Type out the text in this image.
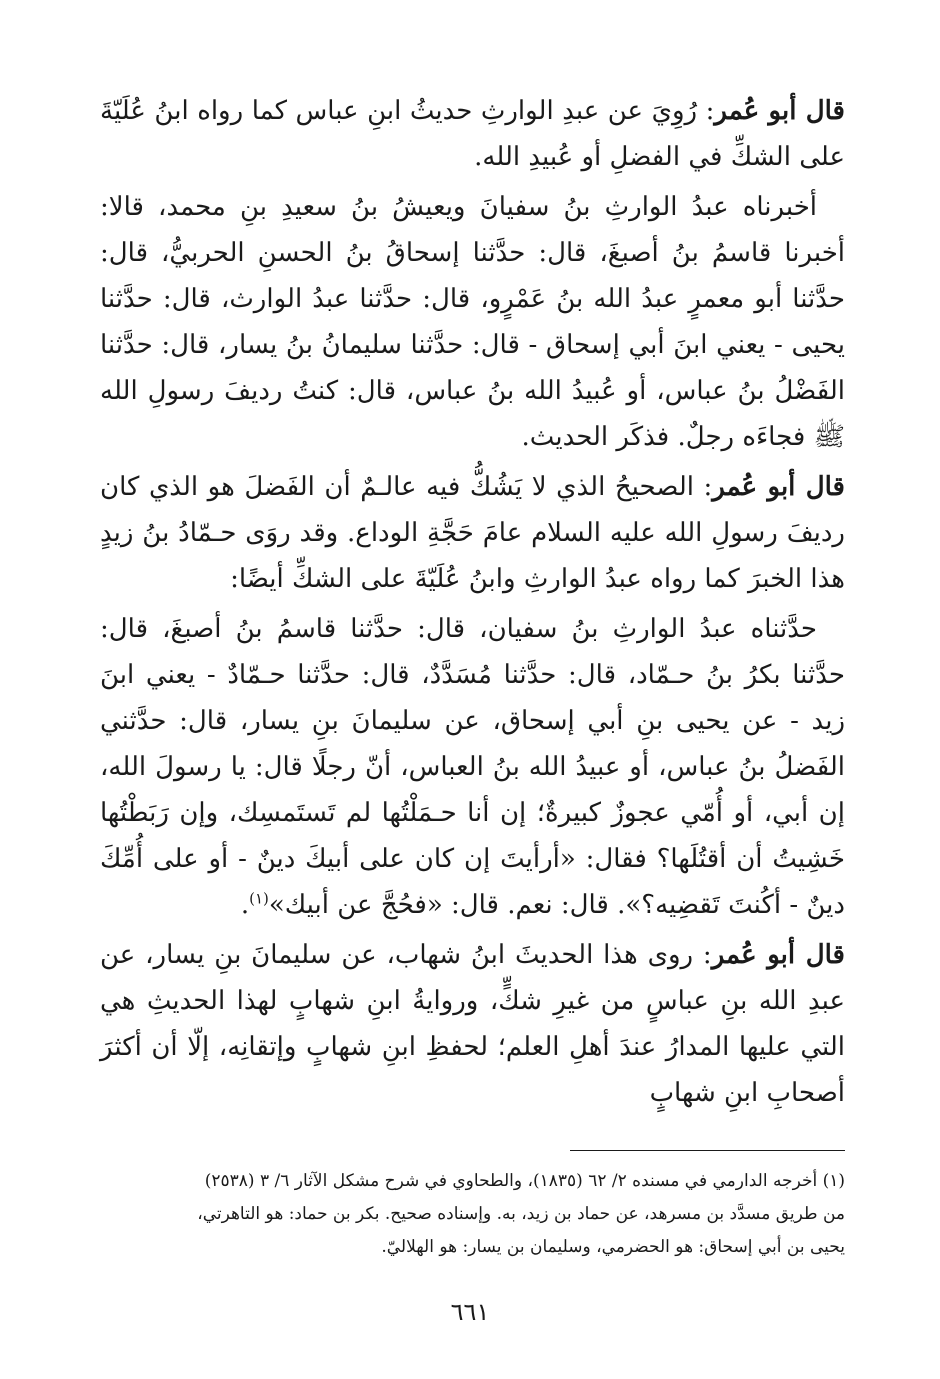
قال أبو عُمر: رُوِيَ عن عبدِ الوارثِ حديثُ ابنِ عباس كما رواه ابنُ عُلَيّةَ على الشكِّ في الفضلِ أو عُبيدِ الله.

أخبرناه عبدُ الوارثِ بنُ سفيانَ ويعيشُ بنُ سعيدِ بنِ محمد، قالا: أخبرنا قاسمُ بنُ أصبغَ، قال: حدَّثنا إسحاقُ بنُ الحسنِ الحربيُّ، قال: حدَّثنا أبو معمرٍ عبدُ الله بنُ عَمْرٍو، قال: حدَّثنا عبدُ الوارث، قال: حدَّثنا يحيى - يعني ابنَ أبي إسحاق - قال: حدَّثنا سليمانُ بنُ يسار، قال: حدَّثنا الفَضْلُ بنُ عباس، أو عُبيدُ الله بنُ عباس، قال: كنتُ رديفَ رسولِ الله ﷺ فجاءَه رجلٌ. فذكَر الحديث.

قال أبو عُمر: الصحيحُ الذي لا يَشُكُّ فيه عالـمٌ أن الفَضلَ هو الذي كان رديفَ رسولِ الله عليه السلام عامَ حَجَّةِ الوداع. وقد روَى حـمّادُ بنُ زيدٍ هذا الخبرَ كما رواه عبدُ الوارثِ وابنُ عُلَيّةَ على الشكِّ أيضًا:

حدَّثناه عبدُ الوارثِ بنُ سفيان، قال: حدَّثنا قاسمُ بنُ أصبغَ، قال: حدَّثنا بكرُ بنُ حـمّاد، قال: حدَّثنا مُسَدَّدٌ، قال: حدَّثنا حـمّادٌ - يعني ابنَ زيد - عن يحيى بنِ أبي إسحاق، عن سليمانَ بنِ يسار، قال: حدَّثني الفَضلُ بنُ عباس، أو عبيدُ الله بنُ العباس، أنّ رجلًا قال: يا رسولَ الله، إن أبي، أو أُمّي عجوزٌ كبيرةٌ؛ إن أنا حـمَلْتُها لم تَستَمسِك، وإن رَبَطْتُها خَشِيتُ أن أقتُلَها؟ فقال: «أرأيتَ إن كان على أبيكَ دينٌ - أو على أُمِّكَ دينٌ - أكُنتَ تَقضِيه؟». قال: نعم. قال: «فحُجَّ عن أبيك»$^{(١)}$.

قال أبو عُمر: روى هذا الحديثَ ابنُ شهاب، عن سليمانَ بنِ يسار، عن عبدِ الله بنِ عباسٍ من غيرِ شكٍّ، وروايةُ ابنِ شهابٍ لهذا الحديثِ هي التي عليها المدارُ عندَ أهلِ العلم؛ لحفظِ ابنِ شهابٍ وإتقانِه، إلّا أن أكثرَ أصحابِ ابنِ شهابٍ

(١) أخرجه الدارمي في مسنده ٢/ ٦٢ (١٨٣٥)، والطحاوي في شرح مشكل الآثار ٦/ ٣ (٢٥٣٨)

من طريق مسدَّد بن مسرهد، عن حماد بن زيد، به. وإسناده صحيح. بكر بن حماد: هو التاهرتي،

يحيى بن أبي إسحاق: هو الحضرمي، وسليمان بن يسار: هو الهلاليّ.

٦٦١
